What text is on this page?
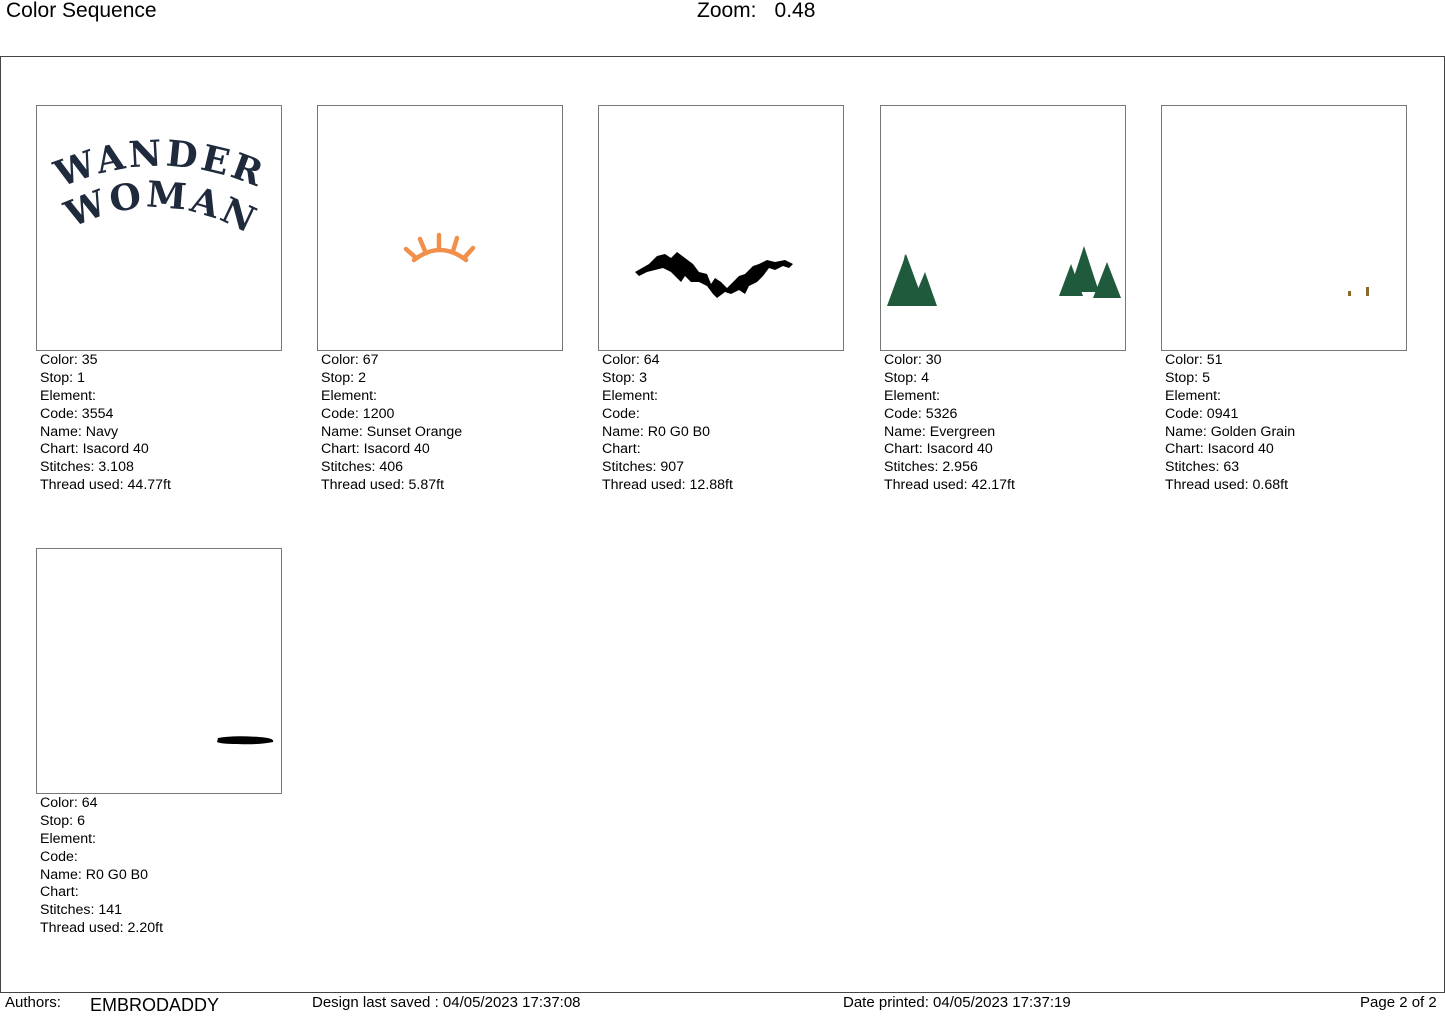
Color Sequence	Zoom: 0.48
WANDER
WOMAN
Color: 35
Stop: 1
Element:
Code: 3554
Name: Navy
Chart: Isacord 40
Stitches: 3.108
Thread used: 44.77ft
Color: 67
Stop: 2
Element:
Code: 1200
Name: Sunset Orange
Chart: Isacord 40
Stitches: 406
Thread used: 5.87ft
Color: 64
Stop: 3
Element:
Code:
Name: R0 G0 B0
Chart:
Stitches: 907
Thread used: 12.88ft
Color: 30
Stop: 4
Element:
Code: 5326
Name: Evergreen
Chart: Isacord 40
Stitches: 2.956
Thread used: 42.17ft
Color: 51
Stop: 5
Element:
Code: 0941
Name: Golden Grain
Chart: Isacord 40
Stitches: 63
Thread used: 0.68ft
Color: 64
Stop: 6
Element:
Code:
Name: R0 G0 B0
Chart:
Stitches: 141
Thread used: 2.20ft
Authors: EMBRODADDY	Design last saved : 04/05/2023 17:37:08	Date printed: 04/05/2023 17:37:19	Page 2 of 2
